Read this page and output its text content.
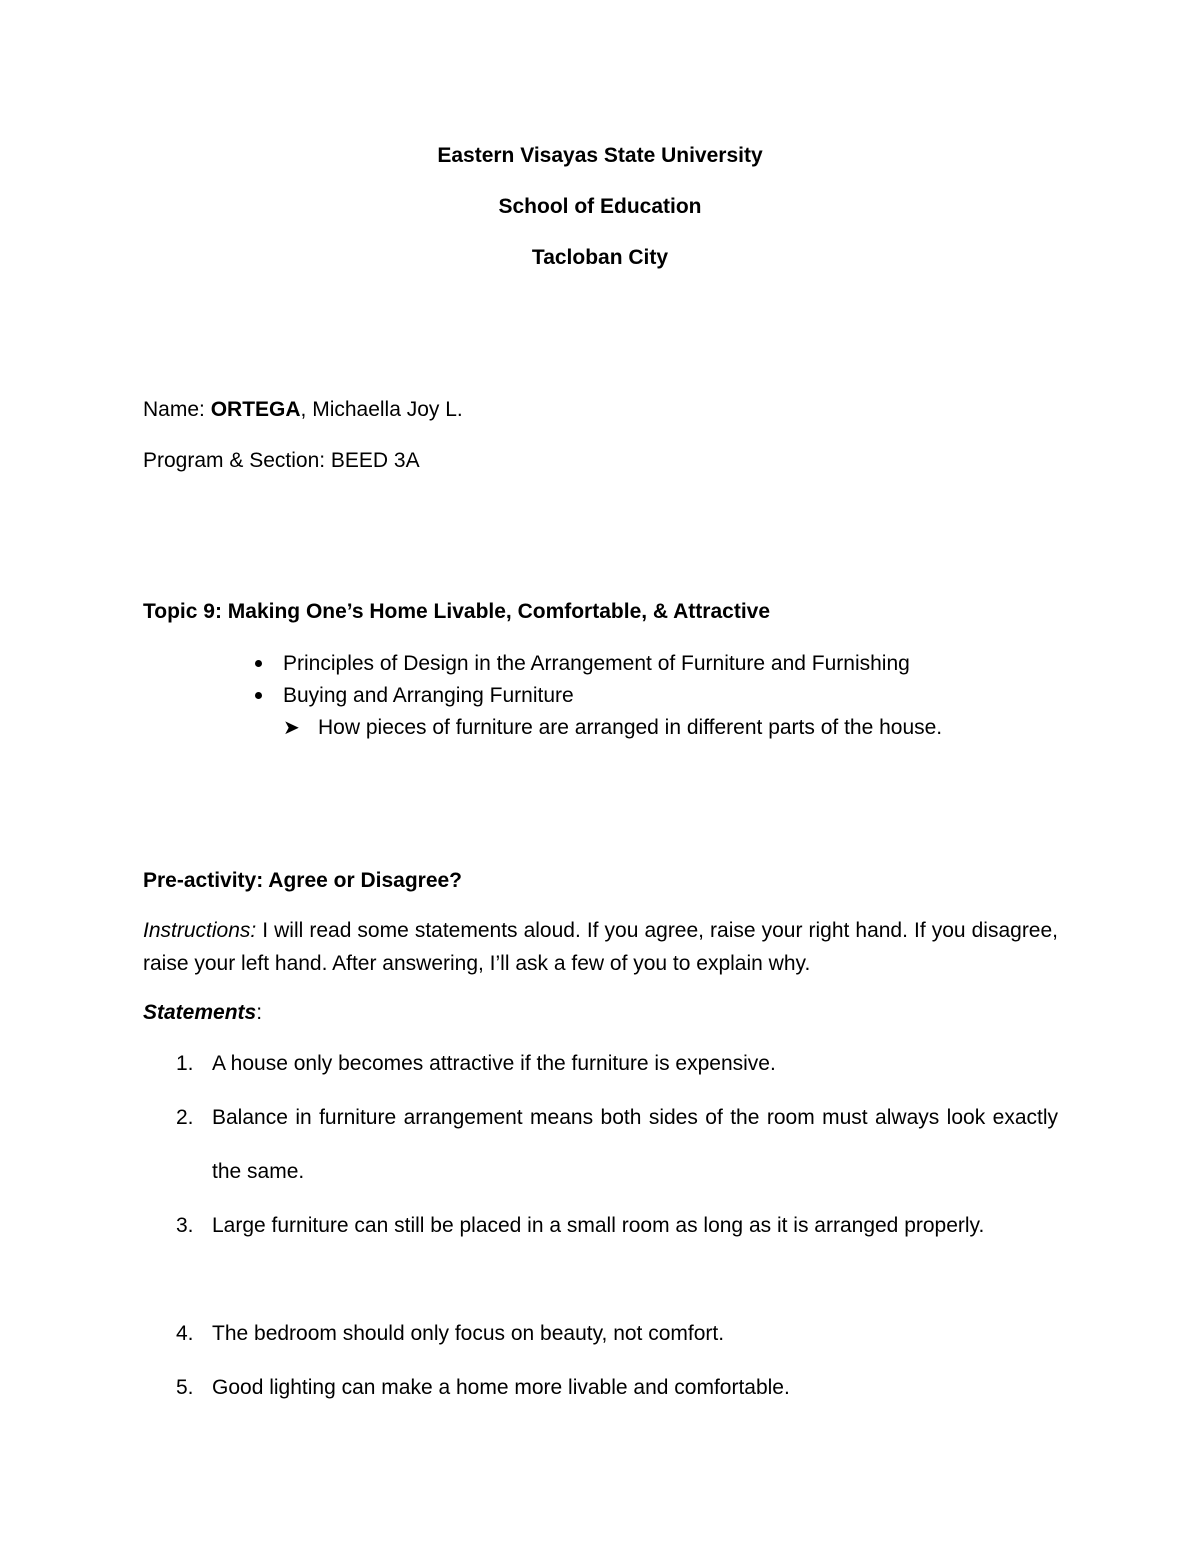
Eastern Visayas State University
School of Education
Tacloban City
Name: ORTEGA, Michaella Joy L.
Program & Section: BEED 3A
Topic 9: Making One’s Home Livable, Comfortable, & Attractive
Principles of Design in the Arrangement of Furniture and Furnishing
Buying and Arranging Furniture
➤ How pieces of furniture are arranged in different parts of the house.
Pre-activity: Agree or Disagree?
Instructions: I will read some statements aloud. If you agree, raise your right hand. If you disagree, raise your left hand. After answering, I’ll ask a few of you to explain why.
Statements:
1. A house only becomes attractive if the furniture is expensive.
2. Balance in furniture arrangement means both sides of the room must always look exactly the same.
3. Large furniture can still be placed in a small room as long as it is arranged properly.
4. The bedroom should only focus on beauty, not comfort.
5. Good lighting can make a home more livable and comfortable.
